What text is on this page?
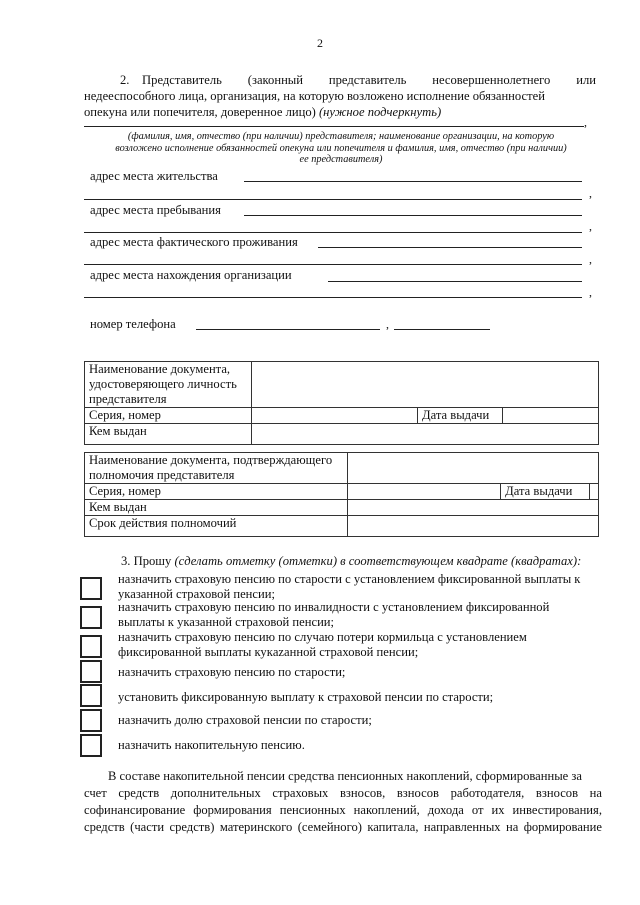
2
2. Представитель (законный представитель несовершеннолетнего или
недееспособного лица, организация, на которую возложено исполнение обязанностей
опекуна или попечителя, доверенное лицо) (нужное подчеркнуть)
,
(фамилия, имя, отчество (при наличии) представителя; наименование организации, на которую
возложено исполнение обязанностей опекуна или попечителя и фамилия, имя, отчество (при наличии)
ее представителя)
адрес места жительства
,
адрес места пребывания
,
адрес места фактического проживания
,
адрес места нахождения организации
,
номер телефона	,
Наименование документа,
удостоверяющего личность
представителя			

Серия, номер		Дата выдачи	
Кем выдан			
Наименование документа, подтверждающего
полномочия представителя			

Серия, номер		Дата выдачи	
Кем выдан			
Срок действия полномочий			
3. Прошу (сделать отметку (отметки) в соответствующем квадрате (квадратах):
назначить страховую пенсию по старости с установлением фиксированной выплаты к
указанной страховой пенсии;
назначить страховую пенсию по инвалидности с установлением фиксированной
выплаты к указанной страховой пенсии;
назначить страховую пенсию по случаю потери кормильца с установлением
фиксированной выплаты кукazанной страховой пенсии;
назначить страховую пенсию по старости;
установить фиксированную выплату к страховой пенсии по старости;
назначить долю страховой пенсии по старости;
назначить накопительную пенсию.
В составе накопительной пенсии средства пенсионных накоплений, сформированные за
счет средств дополнительных страховых взносов, взносов работодателя, взносов на
софинансирование формирования пенсионных накоплений, дохода от их инвестирования,
средств (части средств) материнского (семейного) капитала, направленных на формирование
